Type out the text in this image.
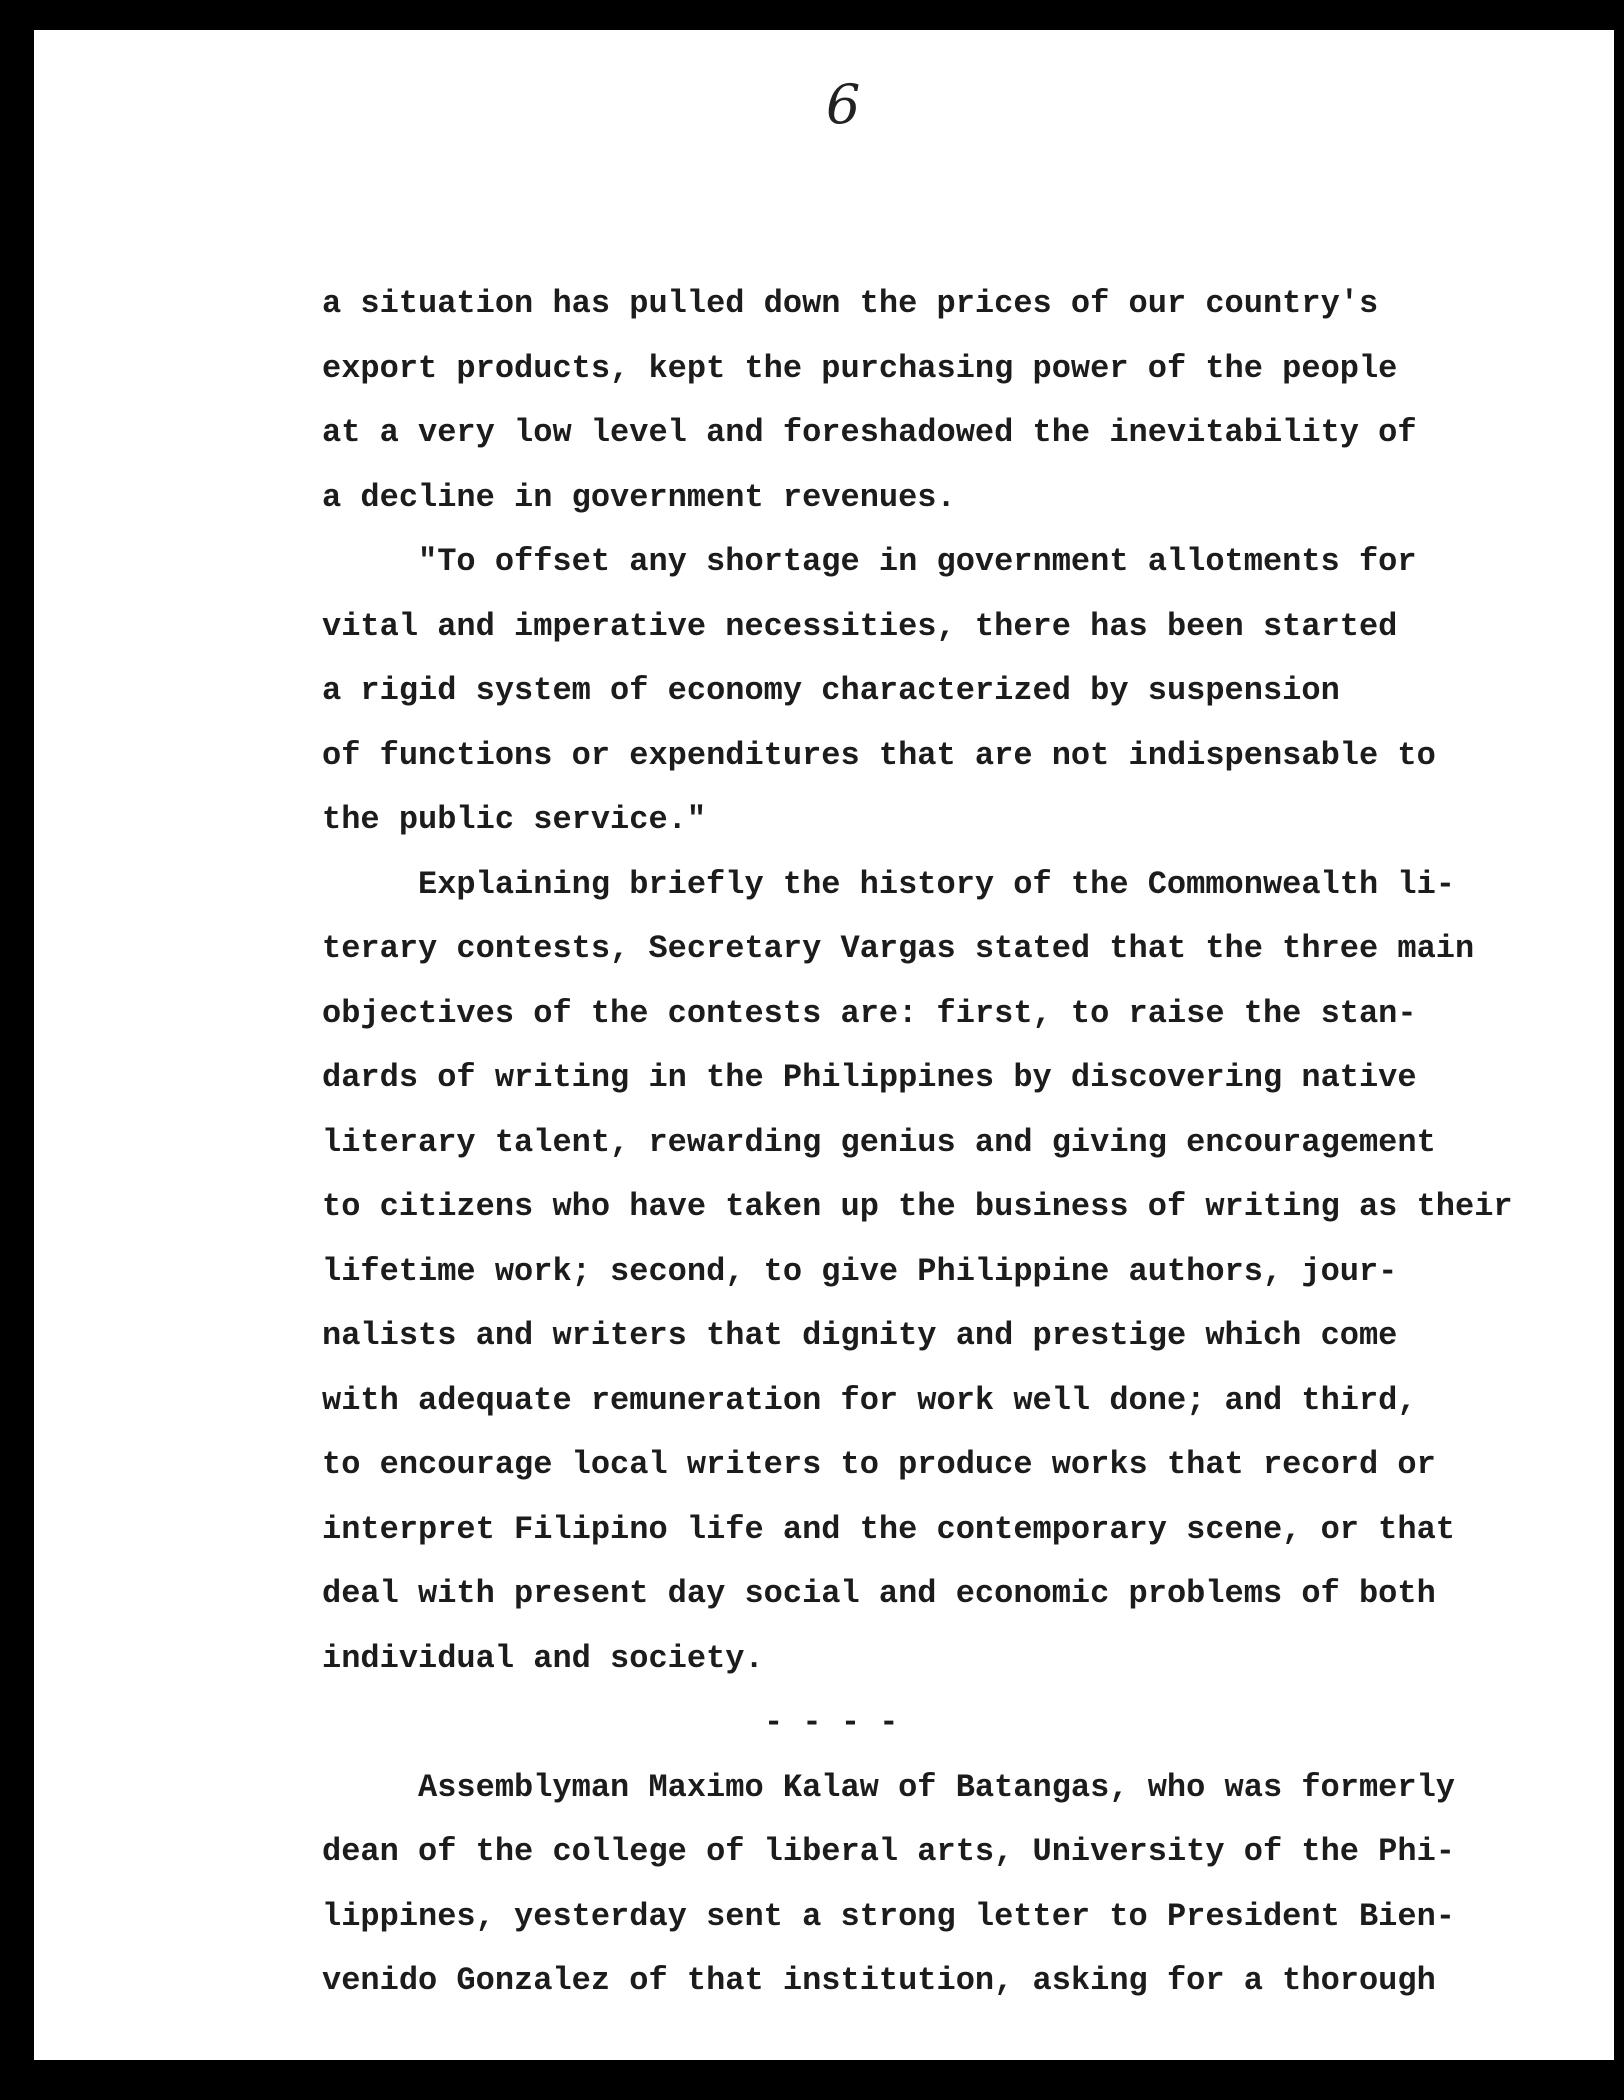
6
a situation has pulled down the prices of our country's
export products, kept the purchasing power of the people
at a very low level and foreshadowed the inevitability of
a decline in government revenues.
"To offset any shortage in government allotments for
vital and imperative necessities, there has been started
a rigid system of economy characterized by suspension
of functions or expenditures that are not indispensable to
the public service."
Explaining briefly the history of the Commonwealth li-
terary contests, Secretary Vargas stated that the three main
objectives of the contests are: first, to raise the stan-
dards of writing in the Philippines by discovering native
literary talent, rewarding genius and giving encouragement
to citizens who have taken up the business of writing as their
lifetime work; second, to give Philippine authors, jour-
nalists and writers that dignity and prestige which come
with adequate remuneration for work well done; and third,
to encourage local writers to produce works that record or
interpret Filipino life and the contemporary scene, or that
deal with present day social and economic problems of both
individual and society.
- - - -
Assemblyman Maximo Kalaw of Batangas, who was formerly
dean of the college of liberal arts, University of the Phi-
lippines, yesterday sent a strong letter to President Bien-
venido Gonzalez of that institution, asking for a thorough
